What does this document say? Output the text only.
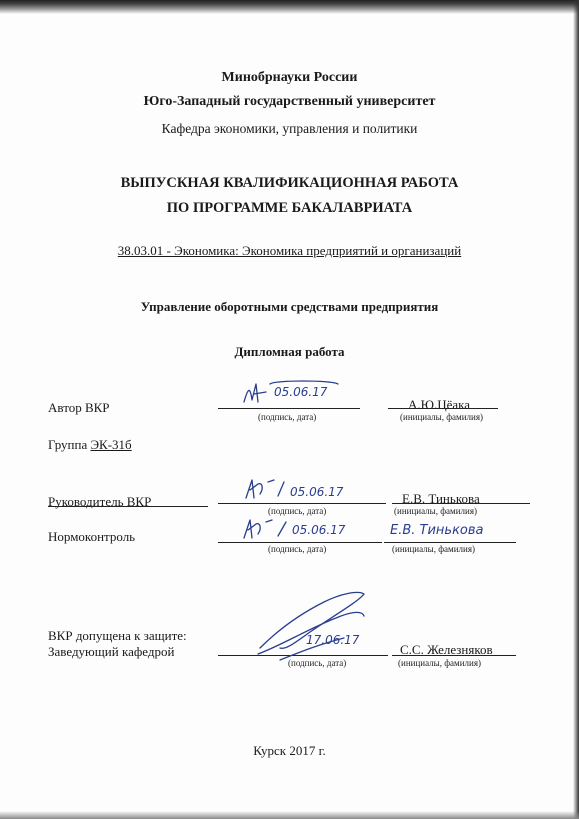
Минобрнауки России
Юго-Западный государственный университет
Кафедра экономики, управления и политики
ВЫПУСКНАЯ КВАЛИФИКАЦИОННАЯ РАБОТА
ПО ПРОГРАММЕ БАКАЛАВРИАТА
38.03.01 - Экономика: Экономика предприятий и организаций
Управление оборотными средствами предприятия
Дипломная работа
Автор ВКР
(подпись, дата)
А.Ю.Цёака
(инициалы, фамилия)
05.06.17
Группа ЭК-31б
Руководитель ВКР
(подпись, дата)
Е.В. Тинькова
(инициалы, фамилия)
05.06.17
Нормоконтроль
(подпись, дата)	(инициалы, фамилия)
05.06.17	Е.В. Тинькова
ВКР допущена к защите:
Заведующий кафедрой
(подпись, дата)
С.С. Железняков
(инициалы, фамилия)
17.06.17
Курск 2017 г.
